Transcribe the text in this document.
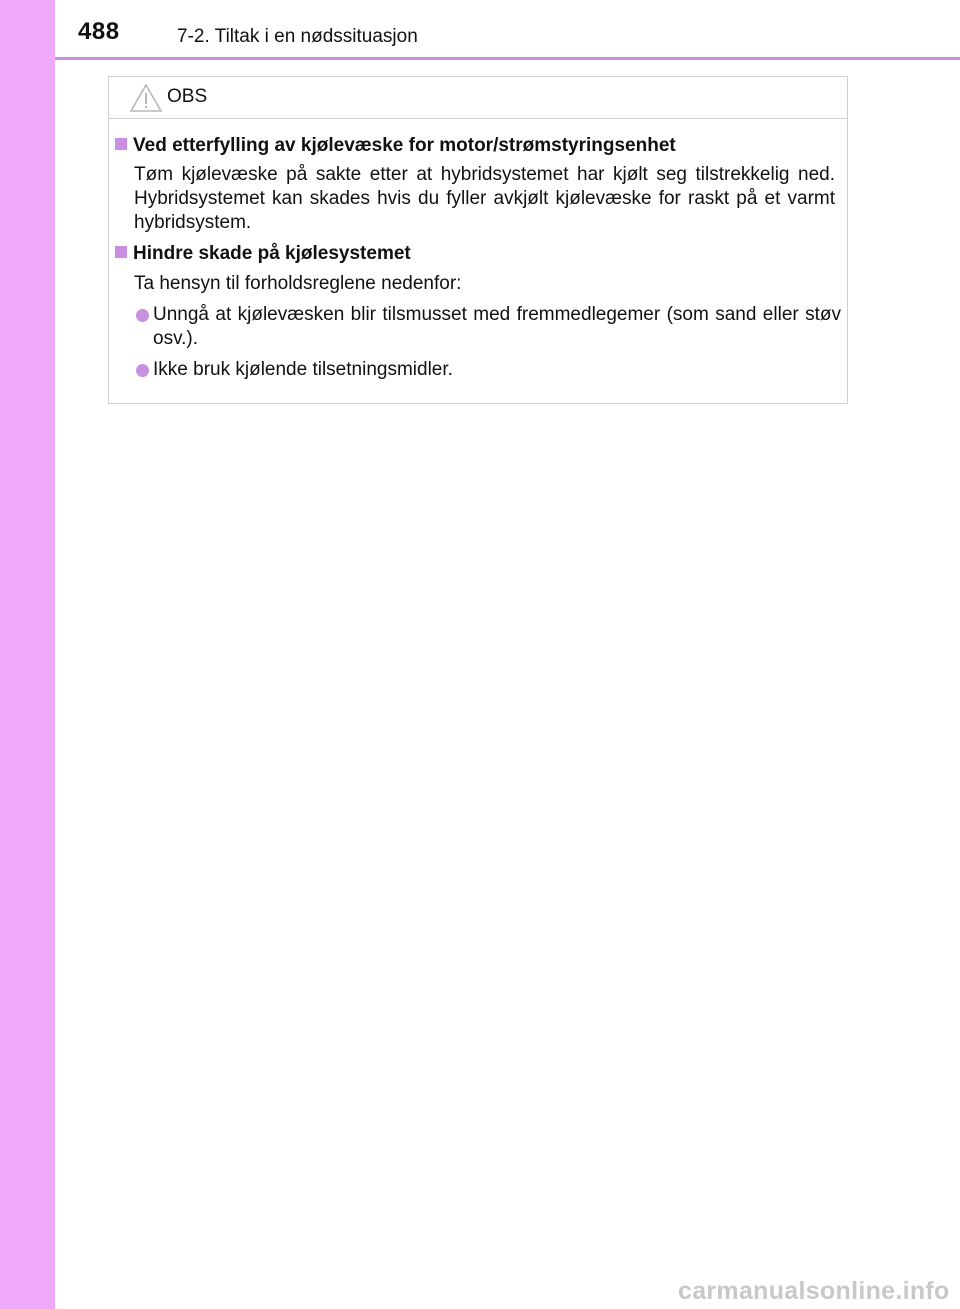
488	7-2. Tiltak i en nødssituasjon
OBS
Ved etterfylling av kjølevæske for motor/strømstyringsenhet
Tøm kjølevæske på sakte etter at hybridsystemet har kjølt seg tilstrekkelig ned. Hybridsystemet kan skades hvis du fyller avkjølt kjølevæske for raskt på et varmt hybridsystem.
Hindre skade på kjølesystemet
Ta hensyn til forholdsreglene nedenfor:
Unngå at kjølevæsken blir tilsmusset med fremmedlegemer (som sand eller støv osv.).
Ikke bruk kjølende tilsetningsmidler.
carmanualsonline.info
